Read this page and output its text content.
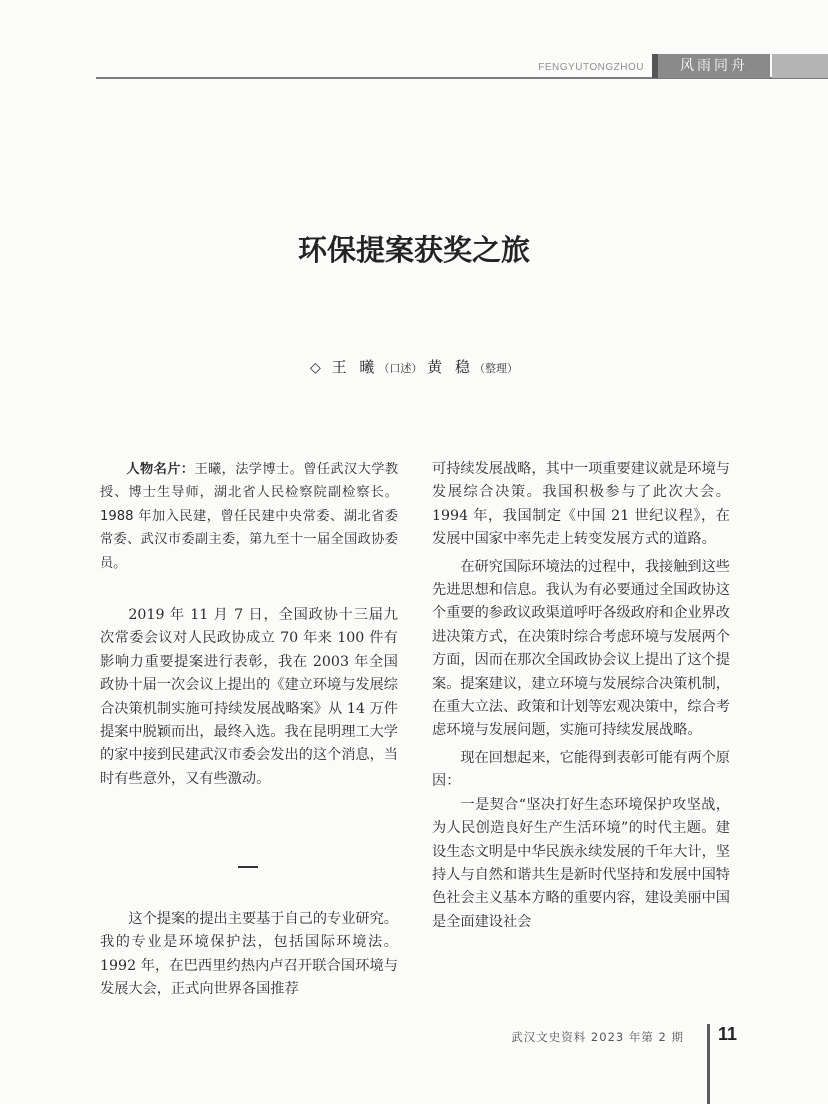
FENGYUTONGZHOU	风雨同舟
环保提案获奖之旅
◇ 王 曦（口述） 黄 稳（整理）

人物名片：王曦，法学博士。曾任武汉大学教授、博士生导师，湖北省人民检察院副检察长。1988 年加入民建，曾任民建中央常委、湖北省委常委、武汉市委副主委，第九至十一届全国政协委员。

2019 年 11 月 7 日，全国政协十三届九次常委会议对人民政协成立 70 年来 100 件有影响力重要提案进行表彰，我在 2003 年全国政协十届一次会议上提出的《建立环境与发展综合决策机制实施可持续发展战略案》从 14 万件提案中脱颖而出，最终入选。我在昆明理工大学的家中接到民建武汉市委会发出的这个消息，当时有些意外，又有些激动。

这个提案的提出主要基于自己的专业研究。我的专业是环境保护法，包括国际环境法。1992 年，在巴西里约热内卢召开联合国环境与发展大会，正式向世界各国推荐

可持续发展战略，其中一项重要建议就是环境与发展综合决策。我国积极参与了此次大会。1994 年，我国制定《中国 21 世纪议程》，在发展中国家中率先走上转变发展方式的道路。

在研究国际环境法的过程中，我接触到这些先进思想和信息。我认为有必要通过全国政协这个重要的参政议政渠道呼吁各级政府和企业界改进决策方式，在决策时综合考虑环境与发展两个方面，因而在那次全国政协会议上提出了这个提案。提案建议，建立环境与发展综合决策机制，在重大立法、政策和计划等宏观决策中，综合考虑环境与发展问题，实施可持续发展战略。

现在回想起来，它能得到表彰可能有两个原因：

一是契合“坚决打好生态环境保护攻坚战，为人民创造良好生产生活环境”的时代主题。建设生态文明是中华民族永续发展的千年大计，坚持人与自然和谐共生是新时代坚持和发展中国特色社会主义基本方略的重要内容，建设美丽中国是全面建设社会

武汉文史资料 2023 年第 2 期 11
